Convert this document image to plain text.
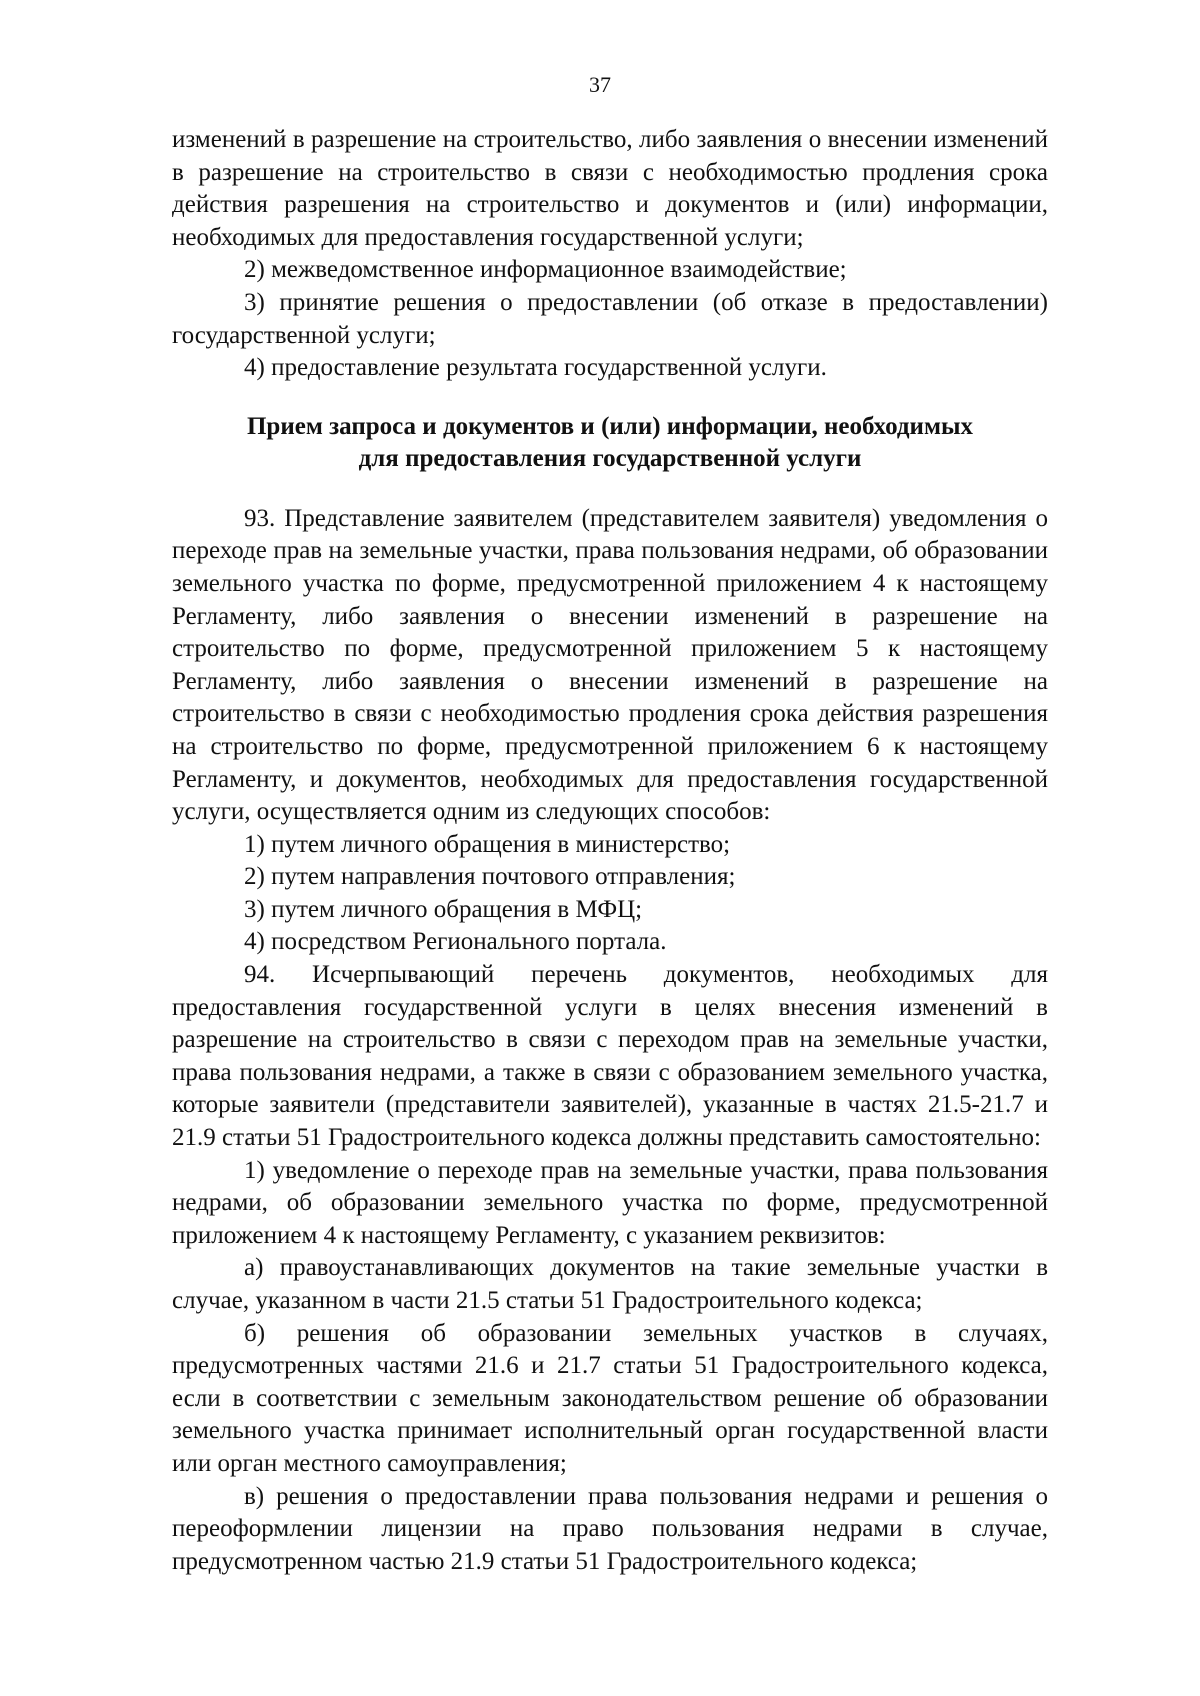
37

изменений в разрешение на строительство, либо заявления о внесении изменений в разрешение на строительство в связи с необходимостью продления срока действия разрешения на строительство и документов и (или) информации, необходимых для предоставления государственной услуги;

2) межведомственное информационное взаимодействие;

3) принятие решения о предоставлении (об отказе в предоставлении) государственной услуги;

4) предоставление результата государственной услуги.

Прием запроса и документов и (или) информации, необходимых
для предоставления государственной услуги

93. Представление заявителем (представителем заявителя) уведомления о переходе прав на земельные участки, права пользования недрами, об образовании земельного участка по форме, предусмотренной приложением 4 к настоящему Регламенту, либо заявления о внесении изменений в разрешение на строительство по форме, предусмотренной приложением 5 к настоящему Регламенту, либо заявления о внесении изменений в разрешение на строительство в связи с необходимостью продления срока действия разрешения на строительство по форме, предусмотренной приложением 6 к настоящему Регламенту, и документов, необходимых для предоставления государственной услуги, осуществляется одним из следующих способов:

1) путем личного обращения в министерство;

2) путем направления почтового отправления;

3) путем личного обращения в МФЦ;

4) посредством Регионального портала.

94. Исчерпывающий перечень документов, необходимых для предоставления государственной услуги в целях внесения изменений в разрешение на строительство в связи с переходом прав на земельные участки, права пользования недрами, а также в связи с образованием земельного участка, которые заявители (представители заявителей), указанные в частях 21.5-21.7 и 21.9 статьи 51 Градостроительного кодекса должны представить самостоятельно:

1) уведомление о переходе прав на земельные участки, права пользования недрами, об образовании земельного участка по форме, предусмотренной приложением 4 к настоящему Регламенту, с указанием реквизитов:

а) правоустанавливающих документов на такие земельные участки в случае, указанном в части 21.5 статьи 51 Градостроительного кодекса;

б) решения об образовании земельных участков в случаях, предусмотренных частями 21.6 и 21.7 статьи 51 Градостроительного кодекса, если в соответствии с земельным законодательством решение об образовании земельного участка принимает исполнительный орган государственной власти или орган местного самоуправления;

в) решения о предоставлении права пользования недрами и решения о переоформлении лицензии на право пользования недрами в случае, предусмотренном частью 21.9 статьи 51 Градостроительного кодекса;
